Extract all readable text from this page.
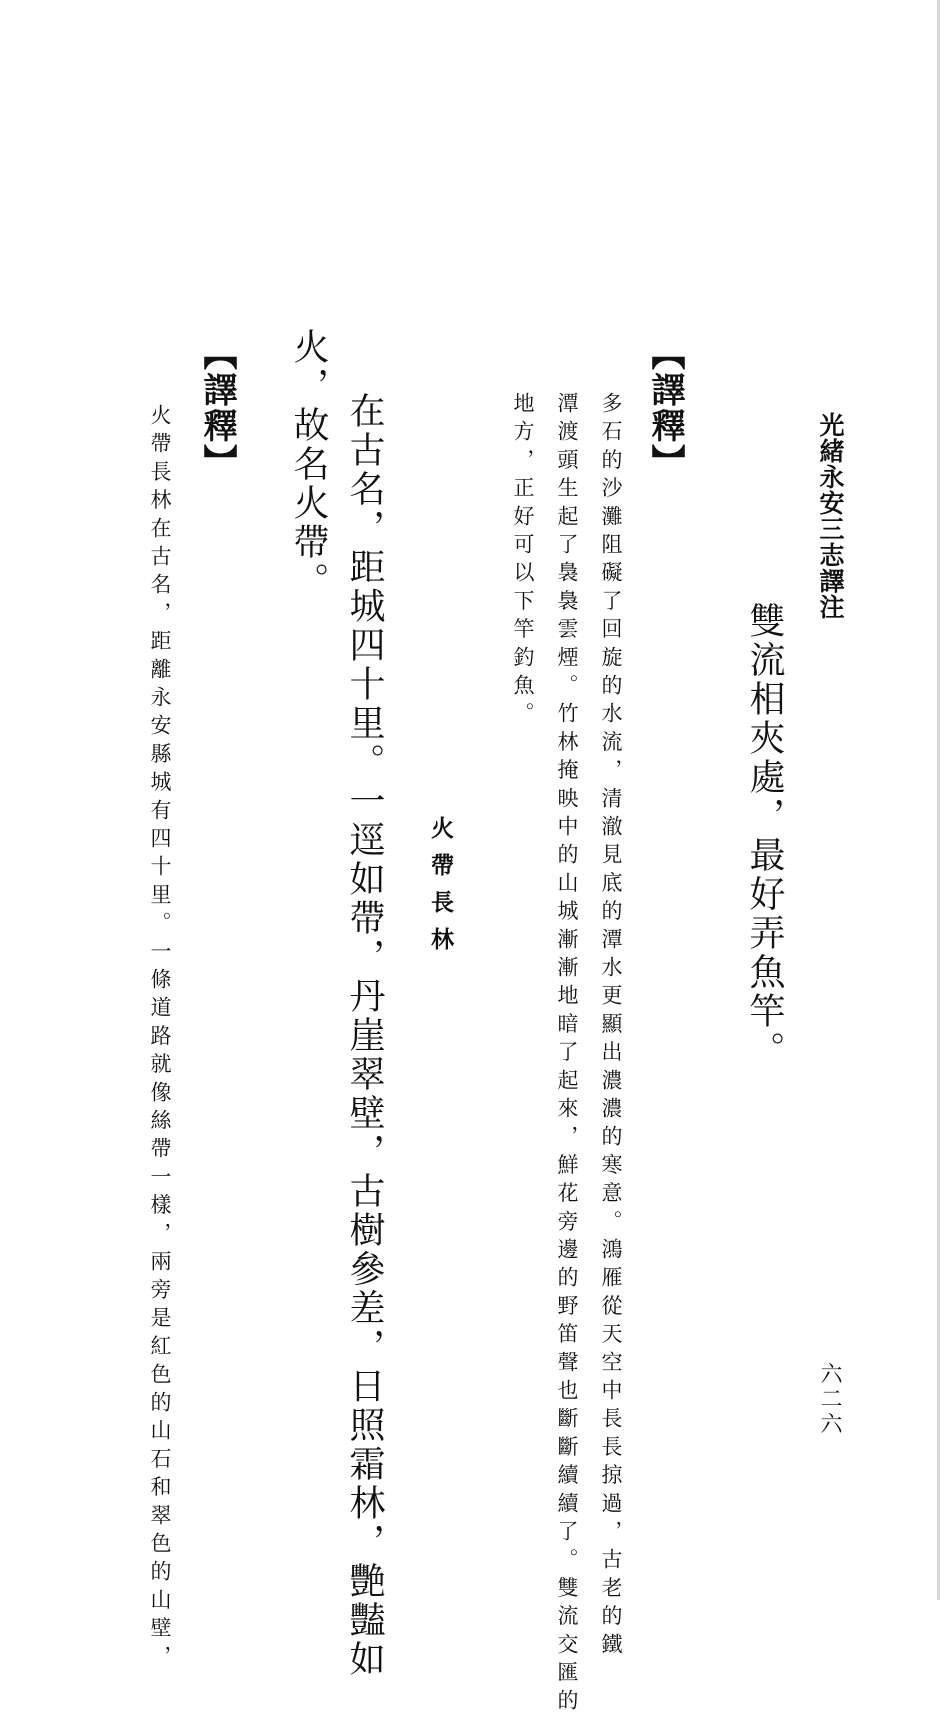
光緒永安三志譯注
六二六
雙流相夾處，最好弄魚竿。
【譯釋】
多石的沙灘阻礙了回旋的水流，清澈見底的潭水更顯出濃濃的寒意。鴻雁從天空中長長掠過，古老的鐵
潭渡頭生起了裊裊雲煙。竹林掩映中的山城漸漸地暗了起來，鮮花旁邊的野笛聲也斷斷續續了。雙流交匯的
地方，正好可以下竿釣魚。
火帶長林
在古名，距城四十里。一逕如帶，丹崖翠壁，古樹參差，日照霜林，艷豔如
火，故名火帶。
【譯釋】
火帶長林在古名，距離永安縣城有四十里。一條道路就像絲帶一樣，兩旁是紅色的山石和翠色的山壁，
